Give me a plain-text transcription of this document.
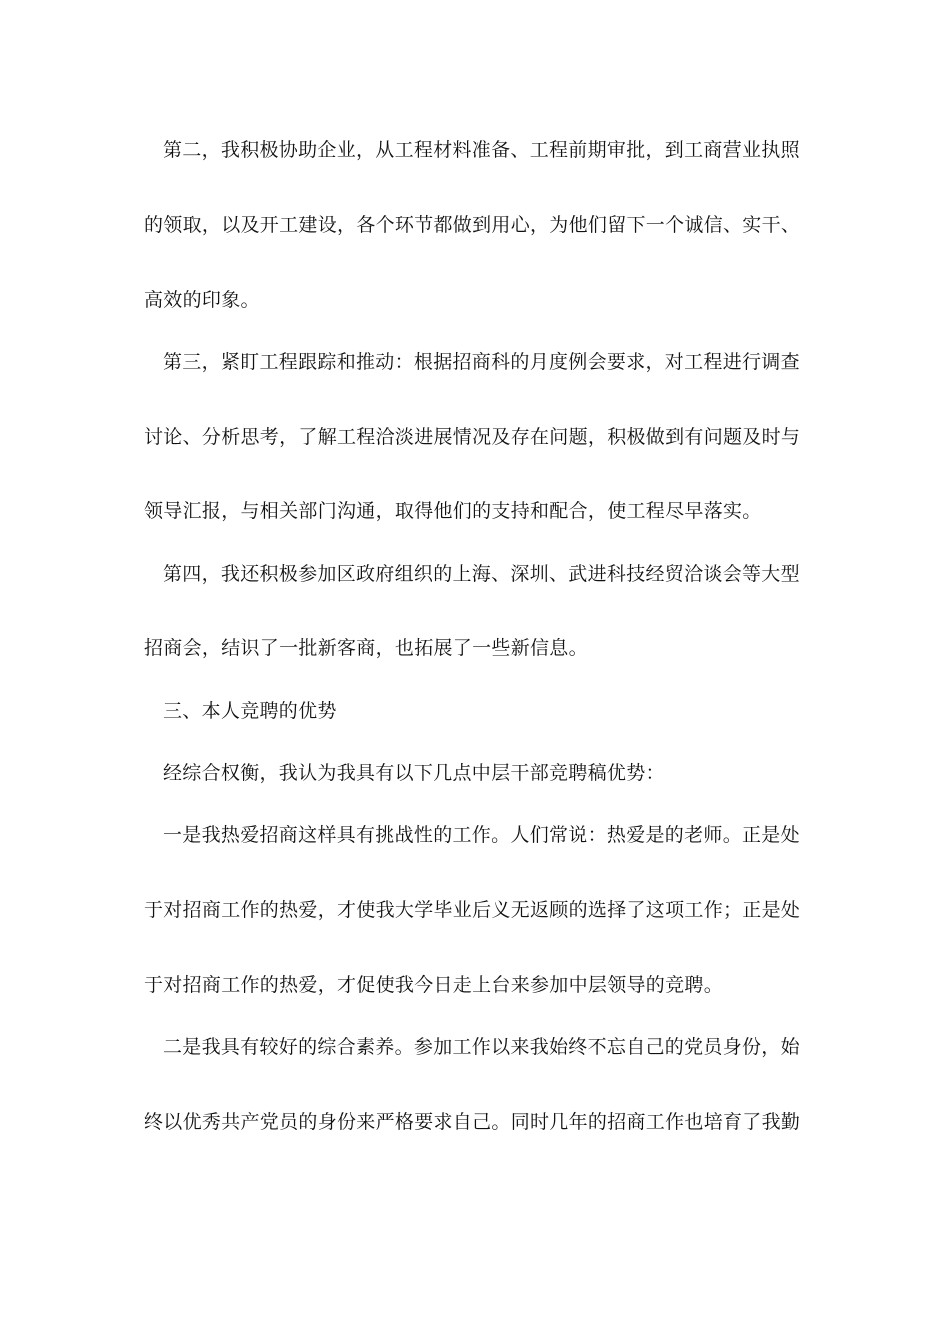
第二，我积极协助企业，从工程材料准备、工程前期审批，到工商营业执照
的领取，以及开工建设，各个环节都做到用心，为他们留下一个诚信、实干、
高效的印象。
第三，紧盯工程跟踪和推动：根据招商科的月度例会要求，对工程进行调查
讨论、分析思考，了解工程洽淡进展情况及存在问题，积极做到有问题及时与
领导汇报，与相关部门沟通，取得他们的支持和配合，使工程尽早落实。
第四，我还积极参加区政府组织的上海、深圳、武进科技经贸洽谈会等大型
招商会，结识了一批新客商，也拓展了一些新信息。
三、本人竞聘的优势
经综合权衡，我认为我具有以下几点中层干部竞聘稿优势：
一是我热爱招商这样具有挑战性的工作。人们常说：热爱是的老师。正是处
于对招商工作的热爱，才使我大学毕业后义无返顾的选择了这项工作；正是处
于对招商工作的热爱，才促使我今日走上台来参加中层领导的竞聘。
二是我具有较好的综合素养。参加工作以来我始终不忘自己的党员身份，始
终以优秀共产党员的身份来严格要求自己。同时几年的招商工作也培育了我勤
